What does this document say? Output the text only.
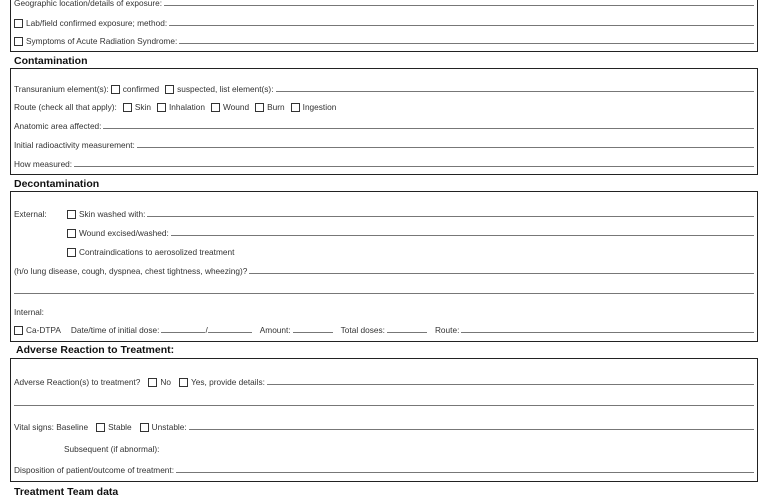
Geographic location/details of exposure:
Lab/field confirmed exposure; method:
Symptoms of Acute Radiation Syndrome:
Contamination
Transuranium element(s): confirmed suspected, list element(s):
Route (check all that apply): Skin Inhalation Wound Burn Ingestion
Anatomic area affected:
Initial radioactivity measurement:
How measured:
Decontamination
External:	Skin washed with:
Wound excised/washed:
Contraindications to aerosolized treatment
(h/o lung disease, cough, dyspnea, chest tightness, wheezing)?
Internal:
Ca-DTPA Date/time of initial dose:	/	Amount:	Total doses:	Route:
Adverse Reaction to Treatment:
Adverse Reaction(s) to treatment? No Yes, provide details:
Vital signs: Baseline Stable Unstable:
Subsequent (if abnormal):
Disposition of patient/outcome of treatment:
Treatment Team data
